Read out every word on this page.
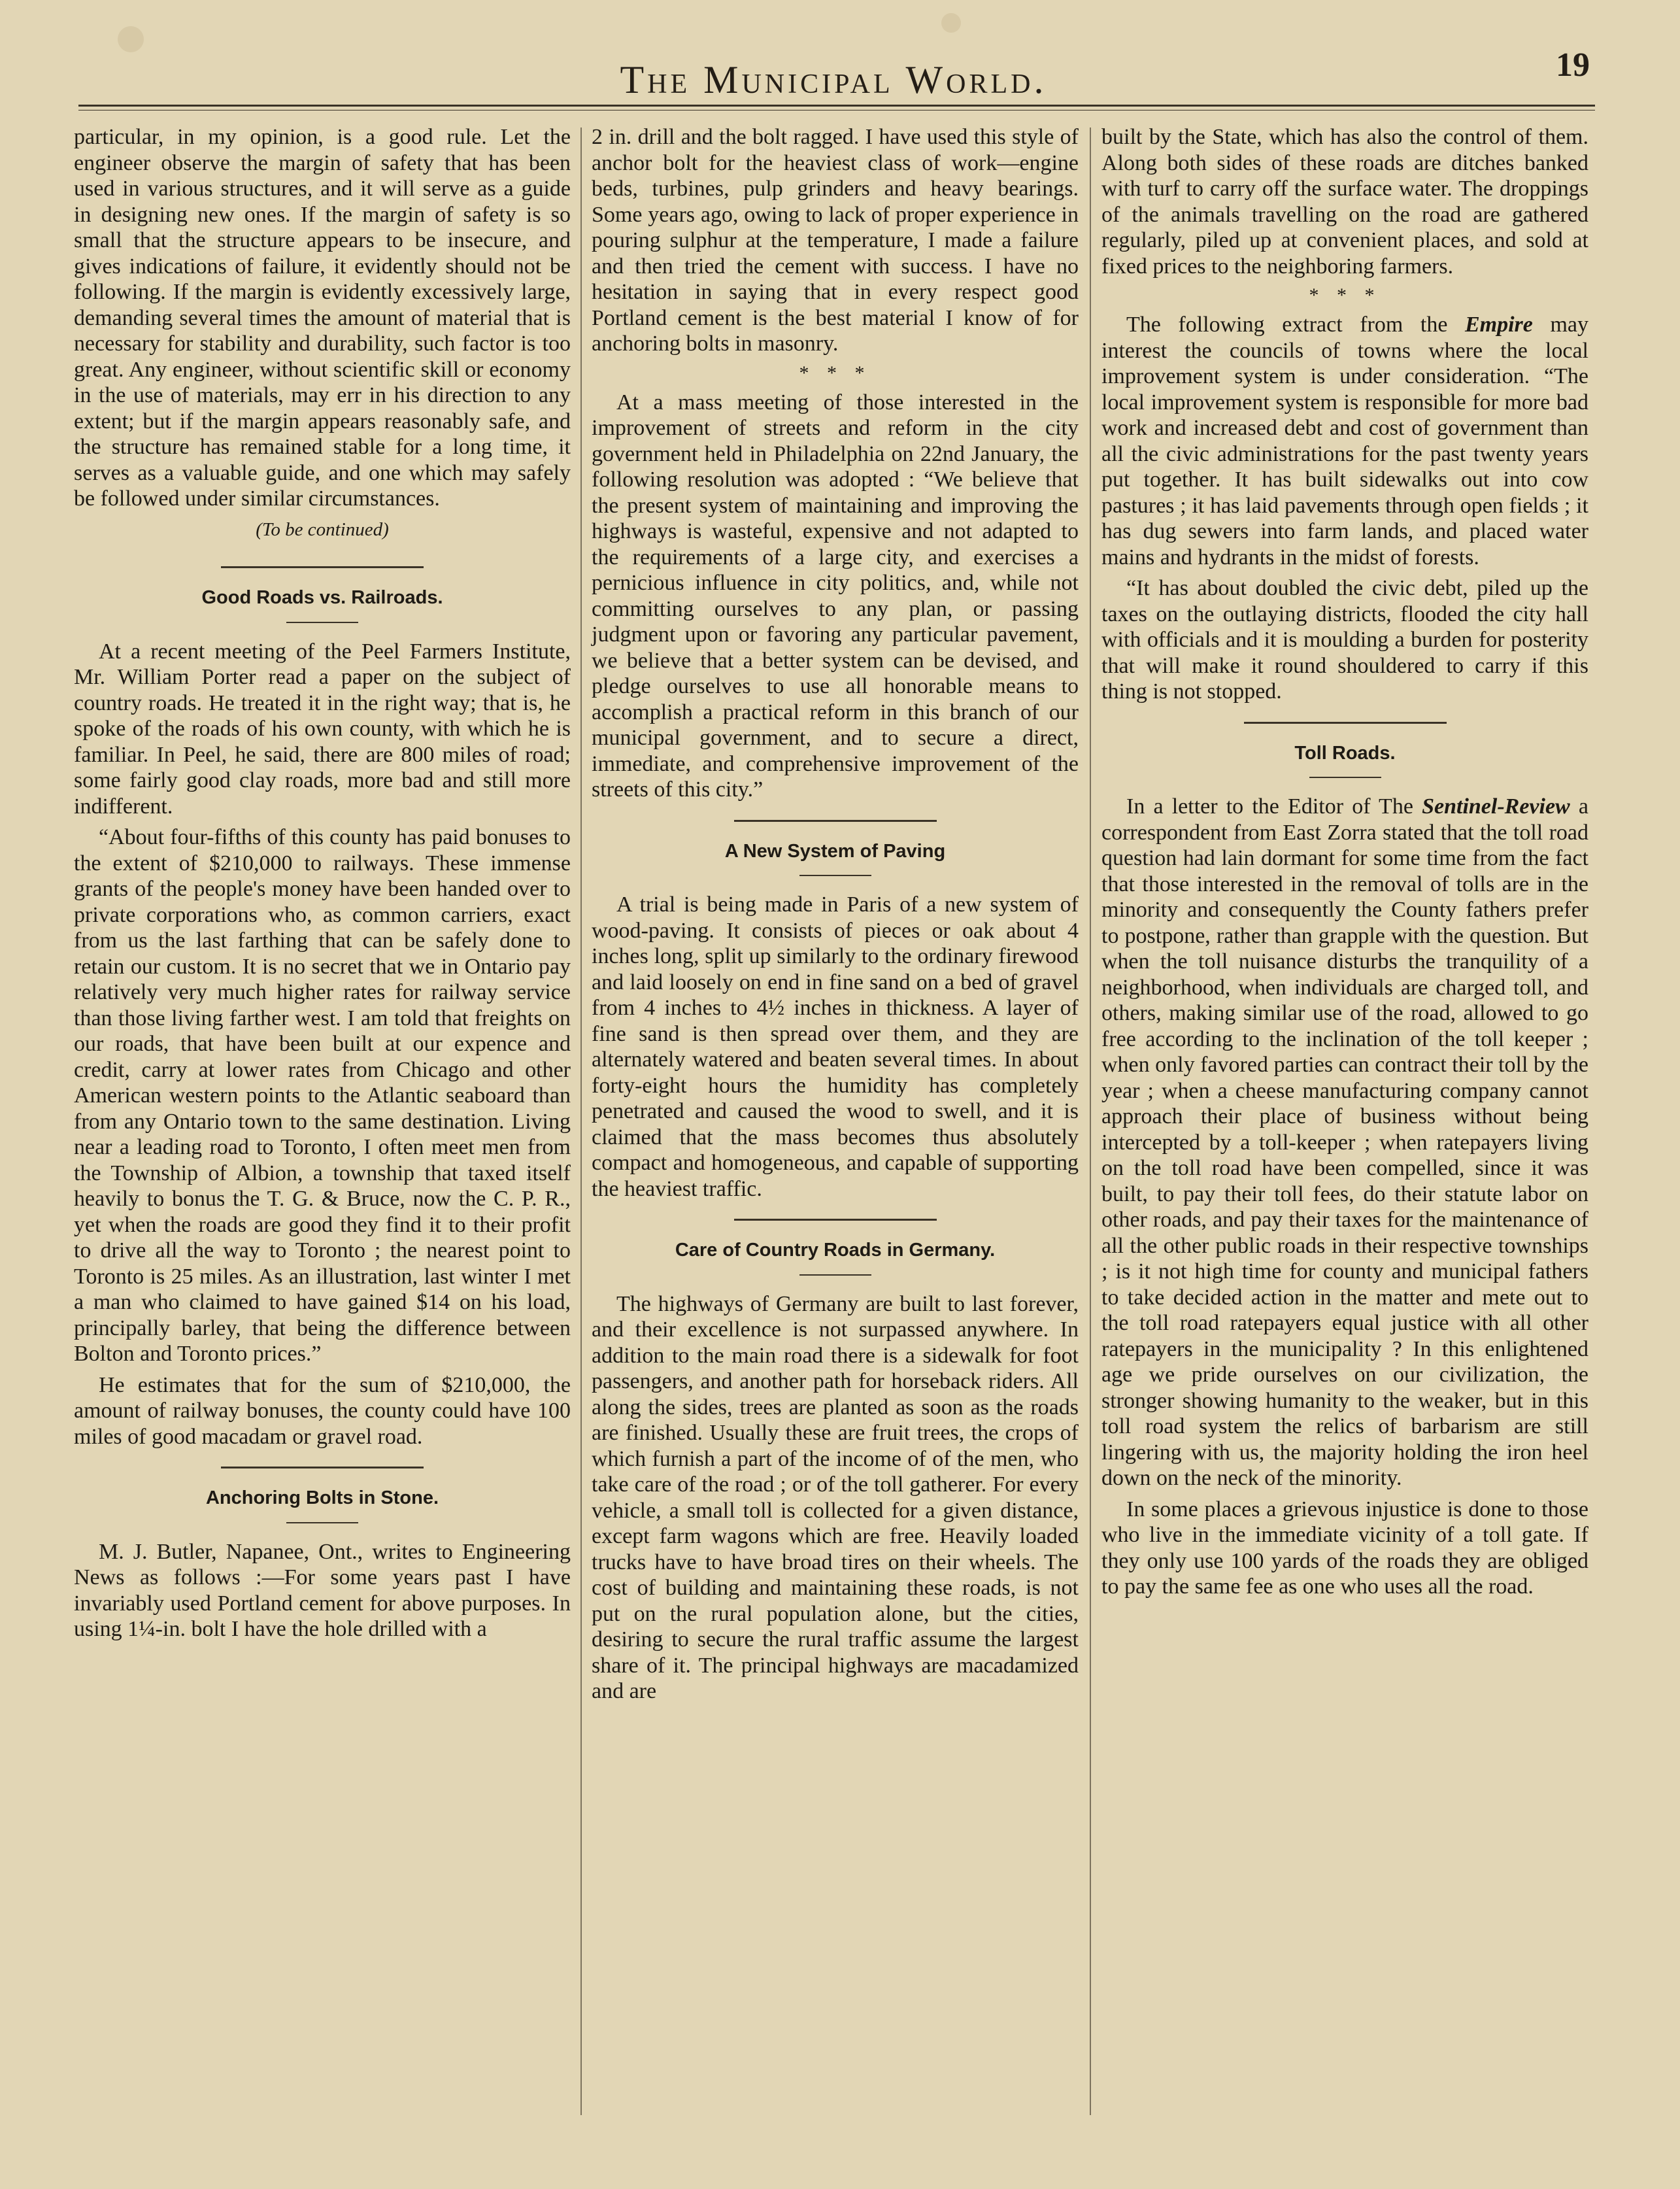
The Municipal World.	19

particular, in my opinion, is a good rule. Let the engineer observe the margin of safety that has been used in various structures, and it will serve as a guide in designing new ones. If the margin of safety is so small that the structure appears to be insecure, and gives indications of failure, it evidently should not be following. If the margin is evidently excessively large, demanding several times the amount of material that is necessary for stability and durability, such factor is too great. Any engineer, without scientific skill or economy in the use of materials, may err in his direction to any extent; but if the margin appears reasonably safe, and the structure has remained stable for a long time, it serves as a valuable guide, and one which may safely be followed under similar circumstances.

(To be continued)
Good Roads vs. Railroads.

At a recent meeting of the Peel Farmers Institute, Mr. William Porter read a paper on the subject of country roads. He treated it in the right way; that is, he spoke of the roads of his own county, with which he is familiar. In Peel, he said, there are 800 miles of road; some fairly good clay roads, more bad and still more indifferent.

“About four-fifths of this county has paid bonuses to the extent of $210,000 to railways. These immense grants of the people's money have been handed over to private corporations who, as common carriers, exact from us the last farthing that can be safely done to retain our custom. It is no secret that we in Ontario pay relatively very much higher rates for railway service than those living farther west. I am told that freights on our roads, that have been built at our expence and credit, carry at lower rates from Chicago and other American western points to the Atlantic seaboard than from any Ontario town to the same destination. Living near a leading road to Toronto, I often meet men from the Township of Albion, a township that taxed itself heavily to bonus the T. G. & Bruce, now the C. P. R., yet when the roads are good they find it to their profit to drive all the way to Toronto ; the nearest point to Toronto is 25 miles. As an illustration, last winter I met a man who claimed to have gained $14 on his load, principally barley, that being the difference between Bolton and Toronto prices.”

He estimates that for the sum of $210,000, the amount of railway bonuses, the county could have 100 miles of good macadam or gravel road.

Anchoring Bolts in Stone.

M. J. Butler, Napanee, Ont., writes to Engineering News as follows :—For some years past I have invariably used Portland cement for above purposes. In using 1¼-in. bolt I have the hole drilled with a

2 in. drill and the bolt ragged. I have used this style of anchor bolt for the heaviest class of work—engine beds, turbines, pulp grinders and heavy bearings. Some years ago, owing to lack of proper experience in pouring sulphur at the temperature, I made a failure and then tried the cement with success. I have no hesitation in saying that in every respect good Portland cement is the best material I know of for anchoring bolts in masonry.

* * *

At a mass meeting of those interested in the improvement of streets and reform in the city government held in Philadelphia on 22nd January, the following resolution was adopted : “We believe that the present system of maintaining and improving the highways is wasteful, expensive and not adapted to the requirements of a large city, and exercises a pernicious influence in city politics, and, while not committing ourselves to any plan, or passing judgment upon or favoring any particular pavement, we believe that a better system can be devised, and pledge ourselves to use all honorable means to accomplish a practical reform in this branch of our municipal government, and to secure a direct, immediate, and comprehensive improvement of the streets of this city.”

A New System of Paving

A trial is being made in Paris of a new system of wood-paving. It consists of pieces or oak about 4 inches long, split up similarly to the ordinary firewood and laid loosely on end in fine sand on a bed of gravel from 4 inches to 4½ inches in thickness. A layer of fine sand is then spread over them, and they are alternately watered and beaten several times. In about forty-eight hours the humidity has completely penetrated and caused the wood to swell, and it is claimed that the mass becomes thus absolutely compact and homogeneous, and capable of supporting the heaviest traffic.

Care of Country Roads in Germany.

The highways of Germany are built to last forever, and their excellence is not surpassed anywhere. In addition to the main road there is a sidewalk for foot passengers, and another path for horseback riders. All along the sides, trees are planted as soon as the roads are finished. Usually these are fruit trees, the crops of which furnish a part of the income of of the men, who take care of the road ; or of the toll gatherer. For every vehicle, a small toll is collected for a given distance, except farm wagons which are free. Heavily loaded trucks have to have broad tires on their wheels. The cost of building and maintaining these roads, is not put on the rural population alone, but the cities, desiring to secure the rural traffic assume the largest share of it. The principal highways are macadamized and are

built by the State, which has also the control of them. Along both sides of these roads are ditches banked with turf to carry off the surface water. The droppings of the animals travelling on the road are gathered regularly, piled up at convenient places, and sold at fixed prices to the neighboring farmers.

* * *

The following extract from the Empire may interest the councils of towns where the local improvement system is under consideration. “The local improvement system is responsible for more bad work and increased debt and cost of government than all the civic administrations for the past twenty years put together. It has built sidewalks out into cow pastures ; it has laid pavements through open fields ; it has dug sewers into farm lands, and placed water mains and hydrants in the midst of forests.

“It has about doubled the civic debt, piled up the taxes on the outlaying districts, flooded the city hall with officials and it is moulding a burden for posterity that will make it round shouldered to carry if this thing is not stopped.

Toll Roads.

In a letter to the Editor of The Sentinel-Review a correspondent from East Zorra stated that the toll road question had lain dormant for some time from the fact that those interested in the removal of tolls are in the minority and consequently the County fathers prefer to postpone, rather than grapple with the question. But when the toll nuisance disturbs the tranquility of a neighborhood, when individuals are charged toll, and others, making similar use of the road, allowed to go free according to the inclination of the toll keeper ; when only favored parties can contract their toll by the year ; when a cheese manufacturing company cannot approach their place of business without being intercepted by a toll-keeper ; when ratepayers living on the toll road have been compelled, since it was built, to pay their toll fees, do their statute labor on other roads, and pay their taxes for the maintenance of all the other public roads in their respective townships ; is it not high time for county and municipal fathers to take decided action in the matter and mete out to the toll road ratepayers equal justice with all other ratepayers in the municipality ? In this enlightened age we pride ourselves on our civilization, the stronger showing humanity to the weaker, but in this toll road system the relics of barbarism are still lingering with us, the majority holding the iron heel down on the neck of the minority.

In some places a grievous injustice is done to those who live in the immediate vicinity of a toll gate. If they only use 100 yards of the roads they are obliged to pay the same fee as one who uses all the road.
